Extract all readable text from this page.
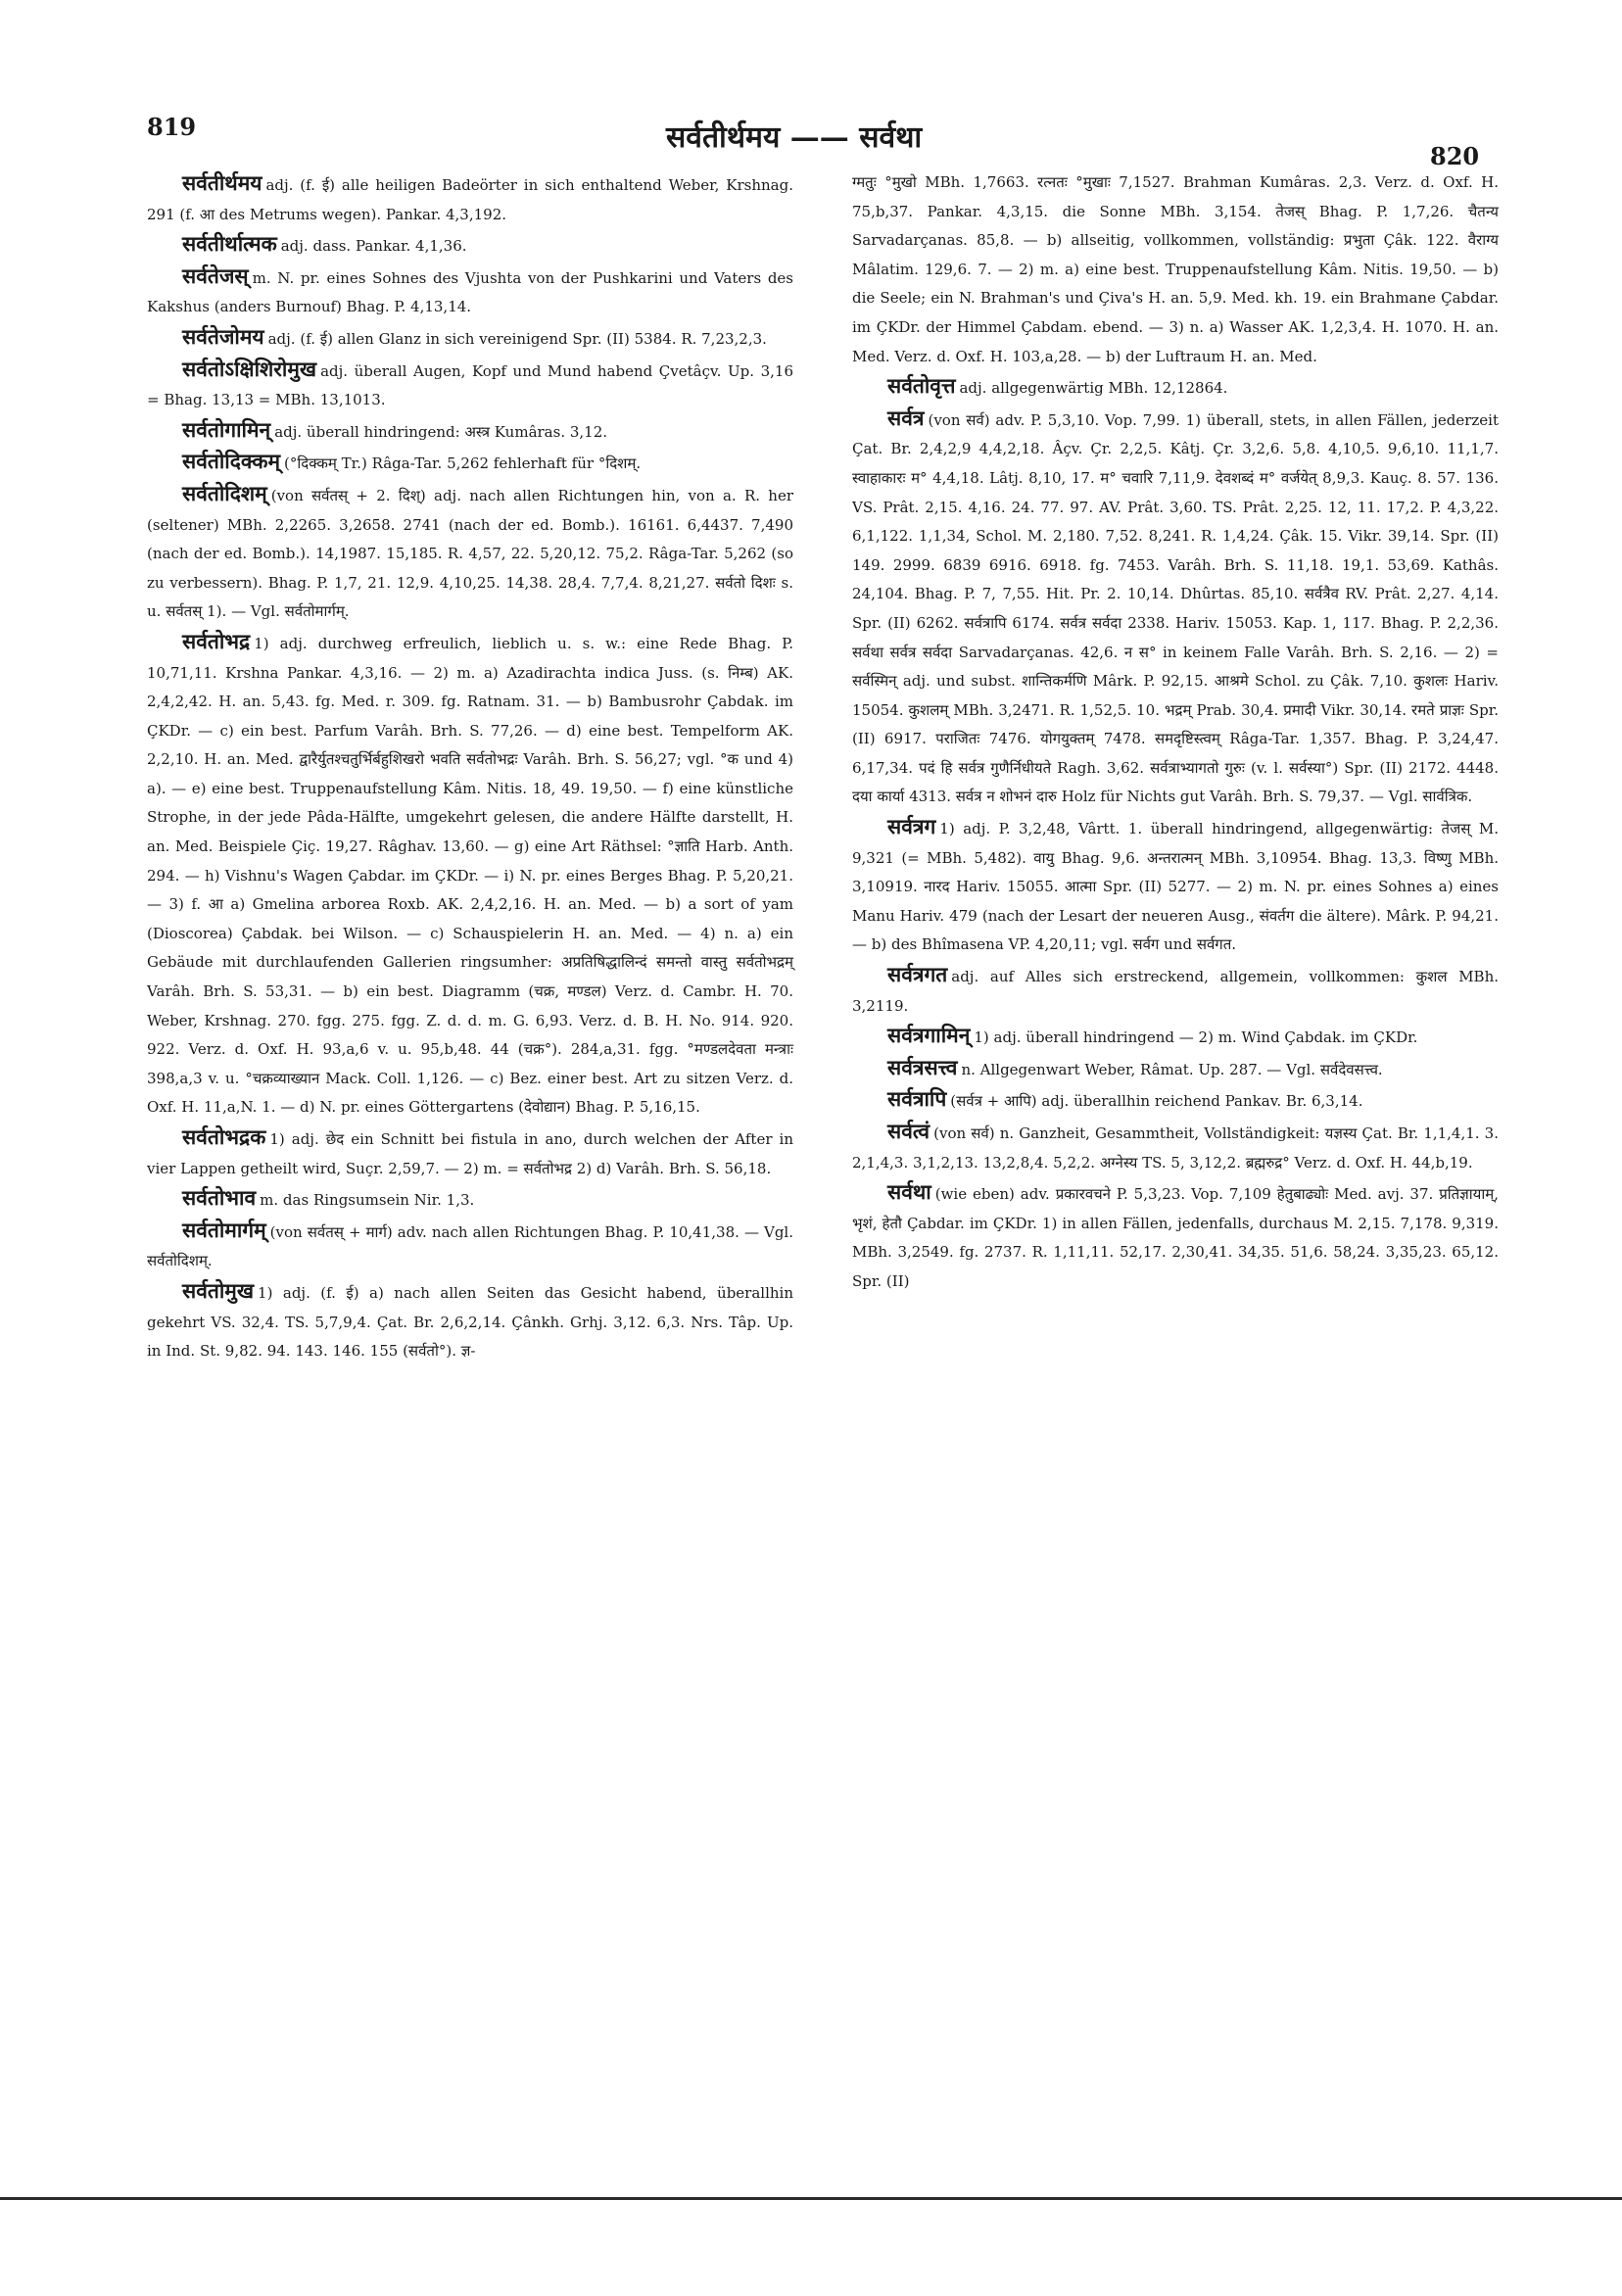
819	सर्वतीर्थमय —— सर्वथा
820

सर्वतीर्थमय adj. (f. ई) alle heiligen Badeörter in sich enthaltend Weber, Krshnag. 291 (f. आ des Metrums wegen). Pankar. 4,3,192.

सर्वतीर्थात्मक adj. dass. Pankar. 4,1,36.

सर्वतेजस् m. N. pr. eines Sohnes des Vjushta von der Pushkarini und Vaters des Kakshus (anders Burnouf) Bhag. P. 4,13,14.

सर्वतेजोमय adj. (f. ई) allen Glanz in sich vereinigend Spr. (II) 5384. R. 7,23,2,3.

सर्वतोऽक्षिशिरोमुख adj. überall Augen, Kopf und Mund habend Çvetâçv. Up. 3,16 = Bhag. 13,13 = MBh. 13,1013.

सर्वतोगामिन् adj. überall hindringend: अस्त्र Kumâras. 3,12.

सर्वतोदिक्कम् (°दिक्कम् Tr.) Râga-Tar. 5,262 fehlerhaft für °दिशम्.

सर्वतोदिशम् (von सर्वतस् + 2. दिश्) adj. nach allen Richtungen hin, von a. R. her (seltener) MBh. 2,2265. 3,2658. 2741 (nach der ed. Bomb.). 16161. 6,4437. 7,490 (nach der ed. Bomb.). 14,1987. 15,185. R. 4,57, 22. 5,20,12. 75,2. Râga-Tar. 5,262 (so zu verbessern). Bhag. P. 1,7, 21. 12,9. 4,10,25. 14,38. 28,4. 7,7,4. 8,21,27. सर्वतो दिशः s. u. सर्वतस् 1). — Vgl. सर्वतोमार्गम्.

सर्वतोभद्र 1) adj. durchweg erfreulich, lieblich u. s. w.: eine Rede Bhag. P. 10,71,11. Krshna Pankar. 4,3,16. — 2) m. a) Azadirachta indica Juss. (s. निम्ब) AK. 2,4,2,42. H. an. 5,43. fg. Med. r. 309. fg. Ratnam. 31. — b) Bambusrohr Çabdak. im ÇKDr. — c) ein best. Parfum Varâh. Brh. S. 77,26. — d) eine best. Tempelform AK. 2,2,10. H. an. Med. द्वारैर्युतश्चतुर्भिर्बहुशिखरो भवति सर्वतोभद्रः Varâh. Brh. S. 56,27; vgl. °क und 4) a). — e) eine best. Truppenaufstellung Kâm. Nitis. 18, 49. 19,50. — f) eine künstliche Strophe, in der jede Pâda-Hälfte, umgekehrt gelesen, die andere Hälfte darstellt, H. an. Med. Beispiele Çiç. 19,27. Râghav. 13,60. — g) eine Art Räthsel: °ज्ञाति Harb. Anth. 294. — h) Vishnu's Wagen Çabdar. im ÇKDr. — i) N. pr. eines Berges Bhag. P. 5,20,21. — 3) f. आ a) Gmelina arborea Roxb. AK. 2,4,2,16. H. an. Med. — b) a sort of yam (Dioscorea) Çabdak. bei Wilson. — c) Schauspielerin H. an. Med. — 4) n. a) ein Gebäude mit durchlaufenden Gallerien ringsumher: अप्रतिषिद्धालिन्दं समन्तो वास्तु सर्वतोभद्रम् Varâh. Brh. S. 53,31. — b) ein best. Diagramm (चक्र, मण्डल) Verz. d. Cambr. H. 70. Weber, Krshnag. 270. fgg. 275. fgg. Z. d. d. m. G. 6,93. Verz. d. B. H. No. 914. 920. 922. Verz. d. Oxf. H. 93,a,6 v. u. 95,b,48. 44 (चक्र°). 284,a,31. fgg. °मण्डलदेवता मन्त्राः 398,a,3 v. u. °चक्रव्याख्यान Mack. Coll. 1,126. — c) Bez. einer best. Art zu sitzen Verz. d. Oxf. H. 11,a,N. 1. — d) N. pr. eines Göttergartens (देवोद्यान) Bhag. P. 5,16,15.

सर्वतोभद्रक 1) adj. छेद ein Schnitt bei fistula in ano, durch welchen der After in vier Lappen getheilt wird, Suçr. 2,59,7. — 2) m. = सर्वतोभद्र 2) d) Varâh. Brh. S. 56,18.

सर्वतोभाव m. das Ringsumsein Nir. 1,3.

सर्वतोमार्गम् (von सर्वतस् + मार्ग) adv. nach allen Richtungen Bhag. P. 10,41,38. — Vgl. सर्वतोदिशम्.

सर्वतोमुख 1) adj. (f. ई) a) nach allen Seiten das Gesicht habend, überallhin gekehrt VS. 32,4. TS. 5,7,9,4. Çat. Br. 2,6,2,14. Çânkh. Grhj. 3,12. 6,3. Nrs. Tâp. Up. in Ind. St. 9,82. 94. 143. 146. 155 (सर्वतो°). ज्ञ-

ग्मतुः °मुखो MBh. 1,7663. रत्नतः °मुखाः 7,1527. Brahman Kumâras. 2,3. Verz. d. Oxf. H. 75,b,37. Pankar. 4,3,15. die Sonne MBh. 3,154. तेजस् Bhag. P. 1,7,26. चैतन्य Sarvadarçanas. 85,8. — b) allseitig, vollkommen, vollständig: प्रभुता Çâk. 122. वैराग्य Mâlatim. 129,6. 7. — 2) m. a) eine best. Truppenaufstellung Kâm. Nitis. 19,50. — b) die Seele; ein N. Brahman's und Çiva's H. an. 5,9. Med. kh. 19. ein Brahmane Çabdar. im ÇKDr. der Himmel Çabdam. ebend. — 3) n. a) Wasser AK. 1,2,3,4. H. 1070. H. an. Med. Verz. d. Oxf. H. 103,a,28. — b) der Luftraum H. an. Med.

सर्वतोवृत्त adj. allgegenwärtig MBh. 12,12864.

सर्वत्र (von सर्व) adv. P. 5,3,10. Vop. 7,99. 1) überall, stets, in allen Fällen, jederzeit Çat. Br. 2,4,2,9 4,4,2,18. Âçv. Çr. 2,2,5. Kâtj. Çr. 3,2,6. 5,8. 4,10,5. 9,6,10. 11,1,7. स्वाहाकारः म° 4,4,18. Lâtj. 8,10, 17. म° चवारि 7,11,9. देवशब्दं म° वर्जयेत् 8,9,3. Kauç. 8. 57. 136. VS. Prât. 2,15. 4,16. 24. 77. 97. AV. Prât. 3,60. TS. Prât. 2,25. 12, 11. 17,2. P. 4,3,22. 6,1,122. 1,1,34, Schol. M. 2,180. 7,52. 8,241. R. 1,4,24. Çâk. 15. Vikr. 39,14. Spr. (II) 149. 2999. 6839 6916. 6918. fg. 7453. Varâh. Brh. S. 11,18. 19,1. 53,69. Kathâs. 24,104. Bhag. P. 7, 7,55. Hit. Pr. 2. 10,14. Dhûrtas. 85,10. सर्वत्रैव RV. Prât. 2,27. 4,14. Spr. (II) 6262. सर्वत्रापि 6174. सर्वत्र सर्वदा 2338. Hariv. 15053. Kap. 1, 117. Bhag. P. 2,2,36. सर्वथा सर्वत्र सर्वदा Sarvadarçanas. 42,6. न स° in keinem Falle Varâh. Brh. S. 2,16. — 2) = सर्वस्मिन् adj. und subst. शान्तिकर्मणि Mârk. P. 92,15. आश्रमे Schol. zu Çâk. 7,10. कुशलः Hariv. 15054. कुशलम् MBh. 3,2471. R. 1,52,5. 10. भद्रम् Prab. 30,4. प्रमादी Vikr. 30,14. रमते प्राज्ञः Spr. (II) 6917. पराजितः 7476. योगयुक्तम् 7478. समदृष्टिस्त्वम् Râga-Tar. 1,357. Bhag. P. 3,24,47. 6,17,34. पदं हि सर्वत्र गुणैर्निधीयते Ragh. 3,62. सर्वत्राभ्यागतो गुरुः (v. l. सर्वस्या°) Spr. (II) 2172. 4448. दया कार्या 4313. सर्वत्र न शोभनं दारु Holz für Nichts gut Varâh. Brh. S. 79,37. — Vgl. सार्वत्रिक.

सर्वत्रग 1) adj. P. 3,2,48, Vârtt. 1. überall hindringend, allgegenwärtig: तेजस् M. 9,321 (= MBh. 5,482). वायु Bhag. 9,6. अन्तरात्मन् MBh. 3,10954. Bhag. 13,3. विष्णु MBh. 3,10919. नारद Hariv. 15055. आत्मा Spr. (II) 5277. — 2) m. N. pr. eines Sohnes a) eines Manu Hariv. 479 (nach der Lesart der neueren Ausg., संवर्तग die ältere). Mârk. P. 94,21. — b) des Bhîmasena VP. 4,20,11; vgl. सर्वग und सर्वगत.

सर्वत्रगत adj. auf Alles sich erstreckend, allgemein, vollkommen: कुशल MBh. 3,2119.

सर्वत्रगामिन् 1) adj. überall hindringend — 2) m. Wind Çabdak. im ÇKDr.

सर्वत्रसत्त्व n. Allgegenwart Weber, Râmat. Up. 287. — Vgl. सर्वदेवसत्त्व.

सर्वत्रापि (सर्वत्र + आपि) adj. überallhin reichend Pankav. Br. 6,3,14.

सर्वत्वं (von सर्व) n. Ganzheit, Gesammtheit, Vollständigkeit: यज्ञस्य Çat. Br. 1,1,4,1. 3. 2,1,4,3. 3,1,2,13. 13,2,8,4. 5,2,2. अग्नेस्य TS. 5, 3,12,2. ब्रह्मरुद्र° Verz. d. Oxf. H. 44,b,19.

सर्वथा (wie eben) adv. प्रकारवचने P. 5,3,23. Vop. 7,109 हेतुबाढ्योः Med. avj. 37. प्रतिज्ञायाम्, भृशं, हेतौ Çabdar. im ÇKDr. 1) in allen Fällen, jedenfalls, durchaus M. 2,15. 7,178. 9,319. MBh. 3,2549. fg. 2737. R. 1,11,11. 52,17. 2,30,41. 34,35. 51,6. 58,24. 3,35,23. 65,12. Spr. (II)
